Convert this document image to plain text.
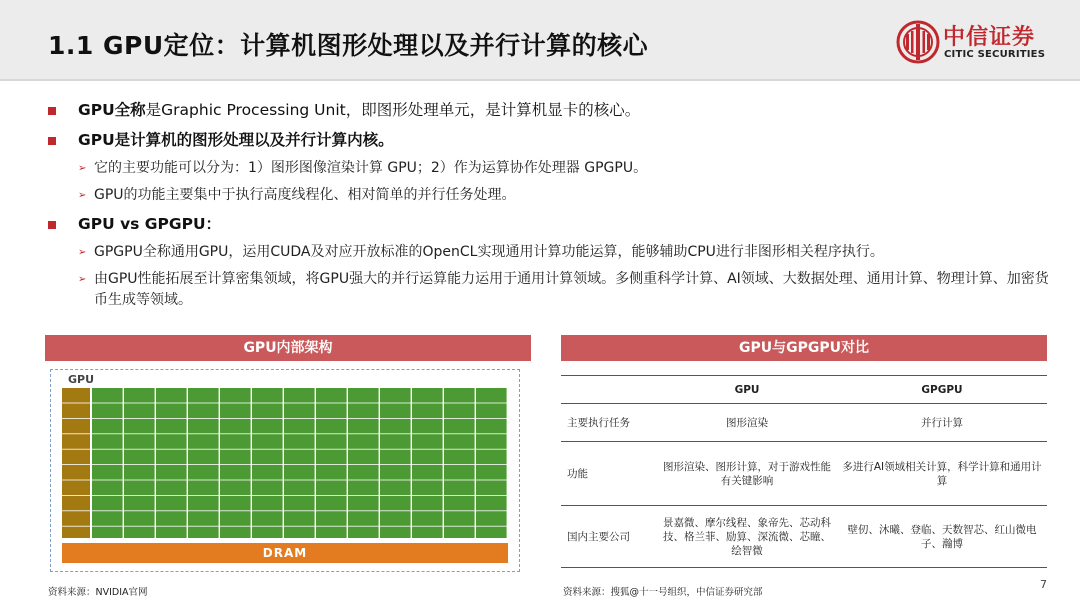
1.1 GPU定位：计算机图形处理以及并行计算的核心	中信证券
CITIC SECURITIES
GPU全称是Graphic Processing Unit，即图形处理单元，是计算机显卡的核心。
GPU是计算机的图形处理以及并行计算内核。
➢ 它的主要功能可以分为：1）图形图像渲染计算 GPU；2）作为运算协作处理器 GPGPU。
➢ GPU的功能主要集中于执行高度线程化、相对简单的并行任务处理。
GPU vs GPGPU：
➢ GPGPU全称通用GPU，运用CUDA及对应开放标准的OpenCL实现通用计算功能运算，能够辅助CPU进行非图形相关程序执行。
➢ 由GPU性能拓展至计算密集领域，将GPU强大的并行运算能力运用于通用计算领域。多侧重科学计算、AI领域、大数据处理、通用计算、物理计算、加密货币生成等领域。
GPU内部架构
GPU
DRAM
GPU与GPGPU对比
	GPU	GPGPU
主要执行任务	图形渲染	并行计算
功能	图形渲染、图形计算，对于游戏性能有关键影响	多进行AI领域相关计算，科学计算和通用计算
国内主要公司	景嘉微、摩尔线程、象帝先、芯动科技、格兰菲、励算、深流微、芯瞳、绘智微	壁仞、沐曦、登临、天数智芯、红山微电子、瀚博
资料来源：NVIDIA官网	资料来源：搜狐@十一号组织，中信证券研究部
7
